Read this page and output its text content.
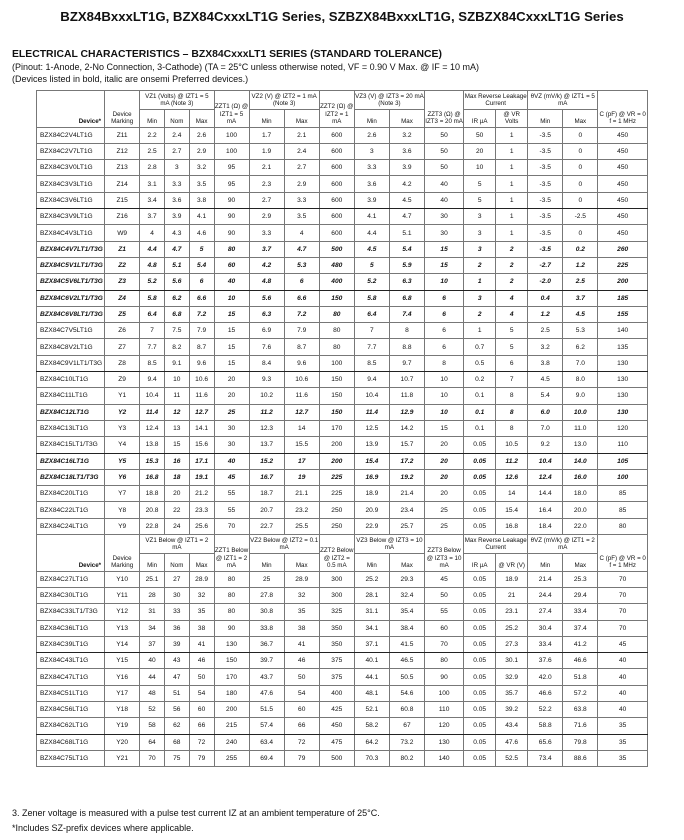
BZX84BxxxLT1G, BZX84CxxxLT1G Series, SZBZX84BxxxLT1G, SZBZX84CxxxLT1G Series
ELECTRICAL CHARACTERISTICS – BZX84CxxxLT1 SERIES (STANDARD TOLERANCE)
(Pinout: 1-Anode, 2-No Connection, 3-Cathode) (TA = 25°C unless otherwise noted, VF = 0.90 V Max. @ IF = 10 mA)
(Devices listed in bold, italic are onsemi Preferred devices.)
Device*	Device Marking	VZ1 (Volts) @ IZT1 = 5 mA (Note 3)			ZZT1 (Ω) @ IZT1 = 5 mA	VZ2 (V) @ IZT2 = 1 mA (Note 3)		ZZT2 (Ω) @ IZT2 = 1 mA	VZ3 (V) @ IZT3 = 20 mA (Note 3)		ZZT3 (Ω) @ IZT3 = 20 mA	Max Reverse Leakage Current		θVZ (mV/k) @ IZT1 = 5 mA		C (pF) @ VR = 0 f = 1 MHz
		Min	Nom	Max		Min	Max		Min	Max		IR µA	@ VR Volts	Min	Max	
BZX84C2V4LT1G	Z11	2.2	2.4	2.6	100	1.7	2.1	600	2.6	3.2	50	50	1	-3.5	0	450
BZX84C2V7LT1G	Z12	2.5	2.7	2.9	100	1.9	2.4	600	3	3.6	50	20	1	-3.5	0	450
BZX84C3V0LT1G	Z13	2.8	3	3.2	95	2.1	2.7	600	3.3	3.9	50	10	1	-3.5	0	450
BZX84C3V3LT1G	Z14	3.1	3.3	3.5	95	2.3	2.9	600	3.6	4.2	40	5	1	-3.5	0	450
BZX84C3V6LT1G	Z15	3.4	3.6	3.8	90	2.7	3.3	600	3.9	4.5	40	5	1	-3.5	0	450
BZX84C3V9LT1G	Z16	3.7	3.9	4.1	90	2.9	3.5	600	4.1	4.7	30	3	1	-3.5	-2.5	450
BZX84C4V3LT1G	W9	4	4.3	4.6	90	3.3	4	600	4.4	5.1	30	3	1	-3.5	0	450
BZX84C4V7LT1/T3G	Z1	4.4	4.7	5	80	3.7	4.7	500	4.5	5.4	15	3	2	-3.5	0.2	260
BZX84C5V1LT1/T3G	Z2	4.8	5.1	5.4	60	4.2	5.3	480	5	5.9	15	2	2	-2.7	1.2	225
BZX84C5V6LT1/T3G	Z3	5.2	5.6	6	40	4.8	6	400	5.2	6.3	10	1	2	-2.0	2.5	200
BZX84C6V2LT1/T3G	Z4	5.8	6.2	6.6	10	5.6	6.6	150	5.8	6.8	6	3	4	0.4	3.7	185
BZX84C6V8LT1/T3G	Z5	6.4	6.8	7.2	15	6.3	7.2	80	6.4	7.4	6	2	4	1.2	4.5	155
BZX84C7V5LT1G	Z6	7	7.5	7.9	15	6.9	7.9	80	7	8	6	1	5	2.5	5.3	140
BZX84C8V2LT1G	Z7	7.7	8.2	8.7	15	7.6	8.7	80	7.7	8.8	6	0.7	5	3.2	6.2	135
BZX84C9V1LT1/T3G	Z8	8.5	9.1	9.6	15	8.4	9.6	100	8.5	9.7	8	0.5	6	3.8	7.0	130
BZX84C10LT1G	Z9	9.4	10	10.6	20	9.3	10.6	150	9.4	10.7	10	0.2	7	4.5	8.0	130
BZX84C11LT1G	Y1	10.4	11	11.6	20	10.2	11.6	150	10.4	11.8	10	0.1	8	5.4	9.0	130
BZX84C12LT1G	Y2	11.4	12	12.7	25	11.2	12.7	150	11.4	12.9	10	0.1	8	6.0	10.0	130
BZX84C13LT1G	Y3	12.4	13	14.1	30	12.3	14	170	12.5	14.2	15	0.1	8	7.0	11.0	120
BZX84C15LT1/T3G	Y4	13.8	15	15.6	30	13.7	15.5	200	13.9	15.7	20	0.05	10.5	9.2	13.0	110
BZX84C16LT1G	Y5	15.3	16	17.1	40	15.2	17	200	15.4	17.2	20	0.05	11.2	10.4	14.0	105
BZX84C18LT1/T3G	Y6	16.8	18	19.1	45	16.7	19	225	16.9	19.2	20	0.05	12.6	12.4	16.0	100
BZX84C20LT1G	Y7	18.8	20	21.2	55	18.7	21.1	225	18.9	21.4	20	0.05	14	14.4	18.0	85
BZX84C22LT1G	Y8	20.8	22	23.3	55	20.7	23.2	250	20.9	23.4	25	0.05	15.4	16.4	20.0	85
BZX84C24LT1G	Y9	22.8	24	25.6	70	22.7	25.5	250	22.9	25.7	25	0.05	16.8	18.4	22.0	80
Device*	Device Marking	VZ1 Below @ IZT1 = 2 mA			ZZT1 Below @ IZT1 = 2 mA	VZ2 Below @ IZT2 = 0.1 mA		ZZT2 Below @ IZT2 = 0.5 mA	VZ3 Below @ IZT3 = 10 mA		ZZT3 Below @ IZT3 = 10 mA	Max Reverse Leakage Current		θVZ (mV/k) @ IZT1 = 2 mA		C (pF) @ VR = 0 f = 1 MHz
		Min	Nom	Max		Min	Max		Min	Max		IR µA	@ VR (V)	Min	Max	
BZX84C27LT1G	Y10	25.1	27	28.9	80	25	28.9	300	25.2	29.3	45	0.05	18.9	21.4	25.3	70
BZX84C30LT1G	Y11	28	30	32	80	27.8	32	300	28.1	32.4	50	0.05	21	24.4	29.4	70
BZX84C33LT1/T3G	Y12	31	33	35	80	30.8	35	325	31.1	35.4	55	0.05	23.1	27.4	33.4	70
BZX84C36LT1G	Y13	34	36	38	90	33.8	38	350	34.1	38.4	60	0.05	25.2	30.4	37.4	70
BZX84C39LT1G	Y14	37	39	41	130	36.7	41	350	37.1	41.5	70	0.05	27.3	33.4	41.2	45
BZX84C43LT1G	Y15	40	43	46	150	39.7	46	375	40.1	46.5	80	0.05	30.1	37.6	46.6	40
BZX84C47LT1G	Y16	44	47	50	170	43.7	50	375	44.1	50.5	90	0.05	32.9	42.0	51.8	40
BZX84C51LT1G	Y17	48	51	54	180	47.6	54	400	48.1	54.6	100	0.05	35.7	46.6	57.2	40
BZX84C56LT1G	Y18	52	56	60	200	51.5	60	425	52.1	60.8	110	0.05	39.2	52.2	63.8	40
BZX84C62LT1G	Y19	58	62	66	215	57.4	66	450	58.2	67	120	0.05	43.4	58.8	71.6	35
BZX84C68LT1G	Y20	64	68	72	240	63.4	72	475	64.2	73.2	130	0.05	47.6	65.6	79.8	35
BZX84C75LT1G	Y21	70	75	79	255	69.4	79	500	70.3	80.2	140	0.05	52.5	73.4	88.6	35
3. Zener voltage is measured with a pulse test current IZ at an ambient temperature of 25°C.
*Includes SZ-prefix devices where applicable.
